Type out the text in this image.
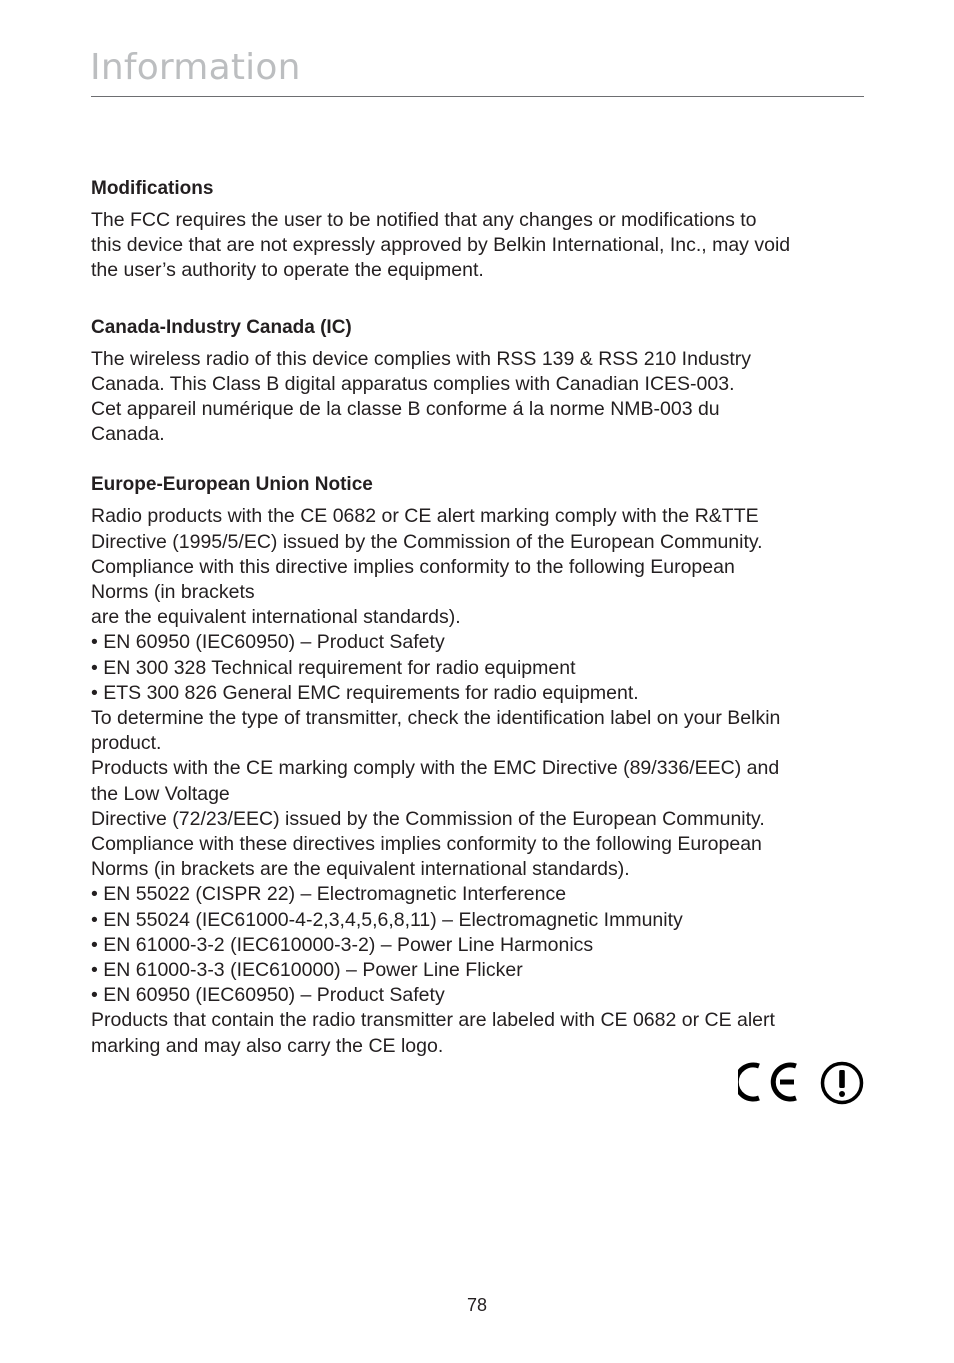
Information
Modifications

The FCC requires the user to be notified that any changes or modifications to
this device that are not expressly approved by Belkin International, Inc., may void
the user’s authority to operate the equipment.

Canada-Industry Canada (IC)

The wireless radio of this device complies with RSS 139 & RSS 210 Industry
Canada. This Class B digital apparatus complies with Canadian ICES-003.
Cet appareil numérique de la classe B conforme á la norme NMB-003 du
Canada.

Europe-European Union Notice

Radio products with the CE 0682 or CE alert marking comply with the R&TTE
Directive (1995/5/EC) issued by the Commission of the European Community.
Compliance with this directive implies conformity to the following European
Norms (in brackets
are the equivalent international standards).
• EN 60950 (IEC60950) – Product Safety
• EN 300 328 Technical requirement for radio equipment
• ETS 300 826 General EMC requirements for radio equipment.
To determine the type of transmitter, check the identification label on your Belkin
product.
Products with the CE marking comply with the EMC Directive (89/336/EEC) and
the Low Voltage
Directive (72/23/EEC) issued by the Commission of the European Community.
Compliance with these directives implies conformity to the following European
Norms (in brackets are the equivalent international standards).
• EN 55022 (CISPR 22) – Electromagnetic Interference
• EN 55024 (IEC61000-4-2,3,4,5,6,8,11) – Electromagnetic Immunity
• EN 61000-3-2 (IEC610000-3-2) – Power Line Harmonics
• EN 61000-3-3 (IEC610000) – Power Line Flicker
• EN 60950 (IEC60950) – Product Safety
Products that contain the radio transmitter are labeled with CE 0682 or CE alert
marking and may also carry the CE logo.

78
